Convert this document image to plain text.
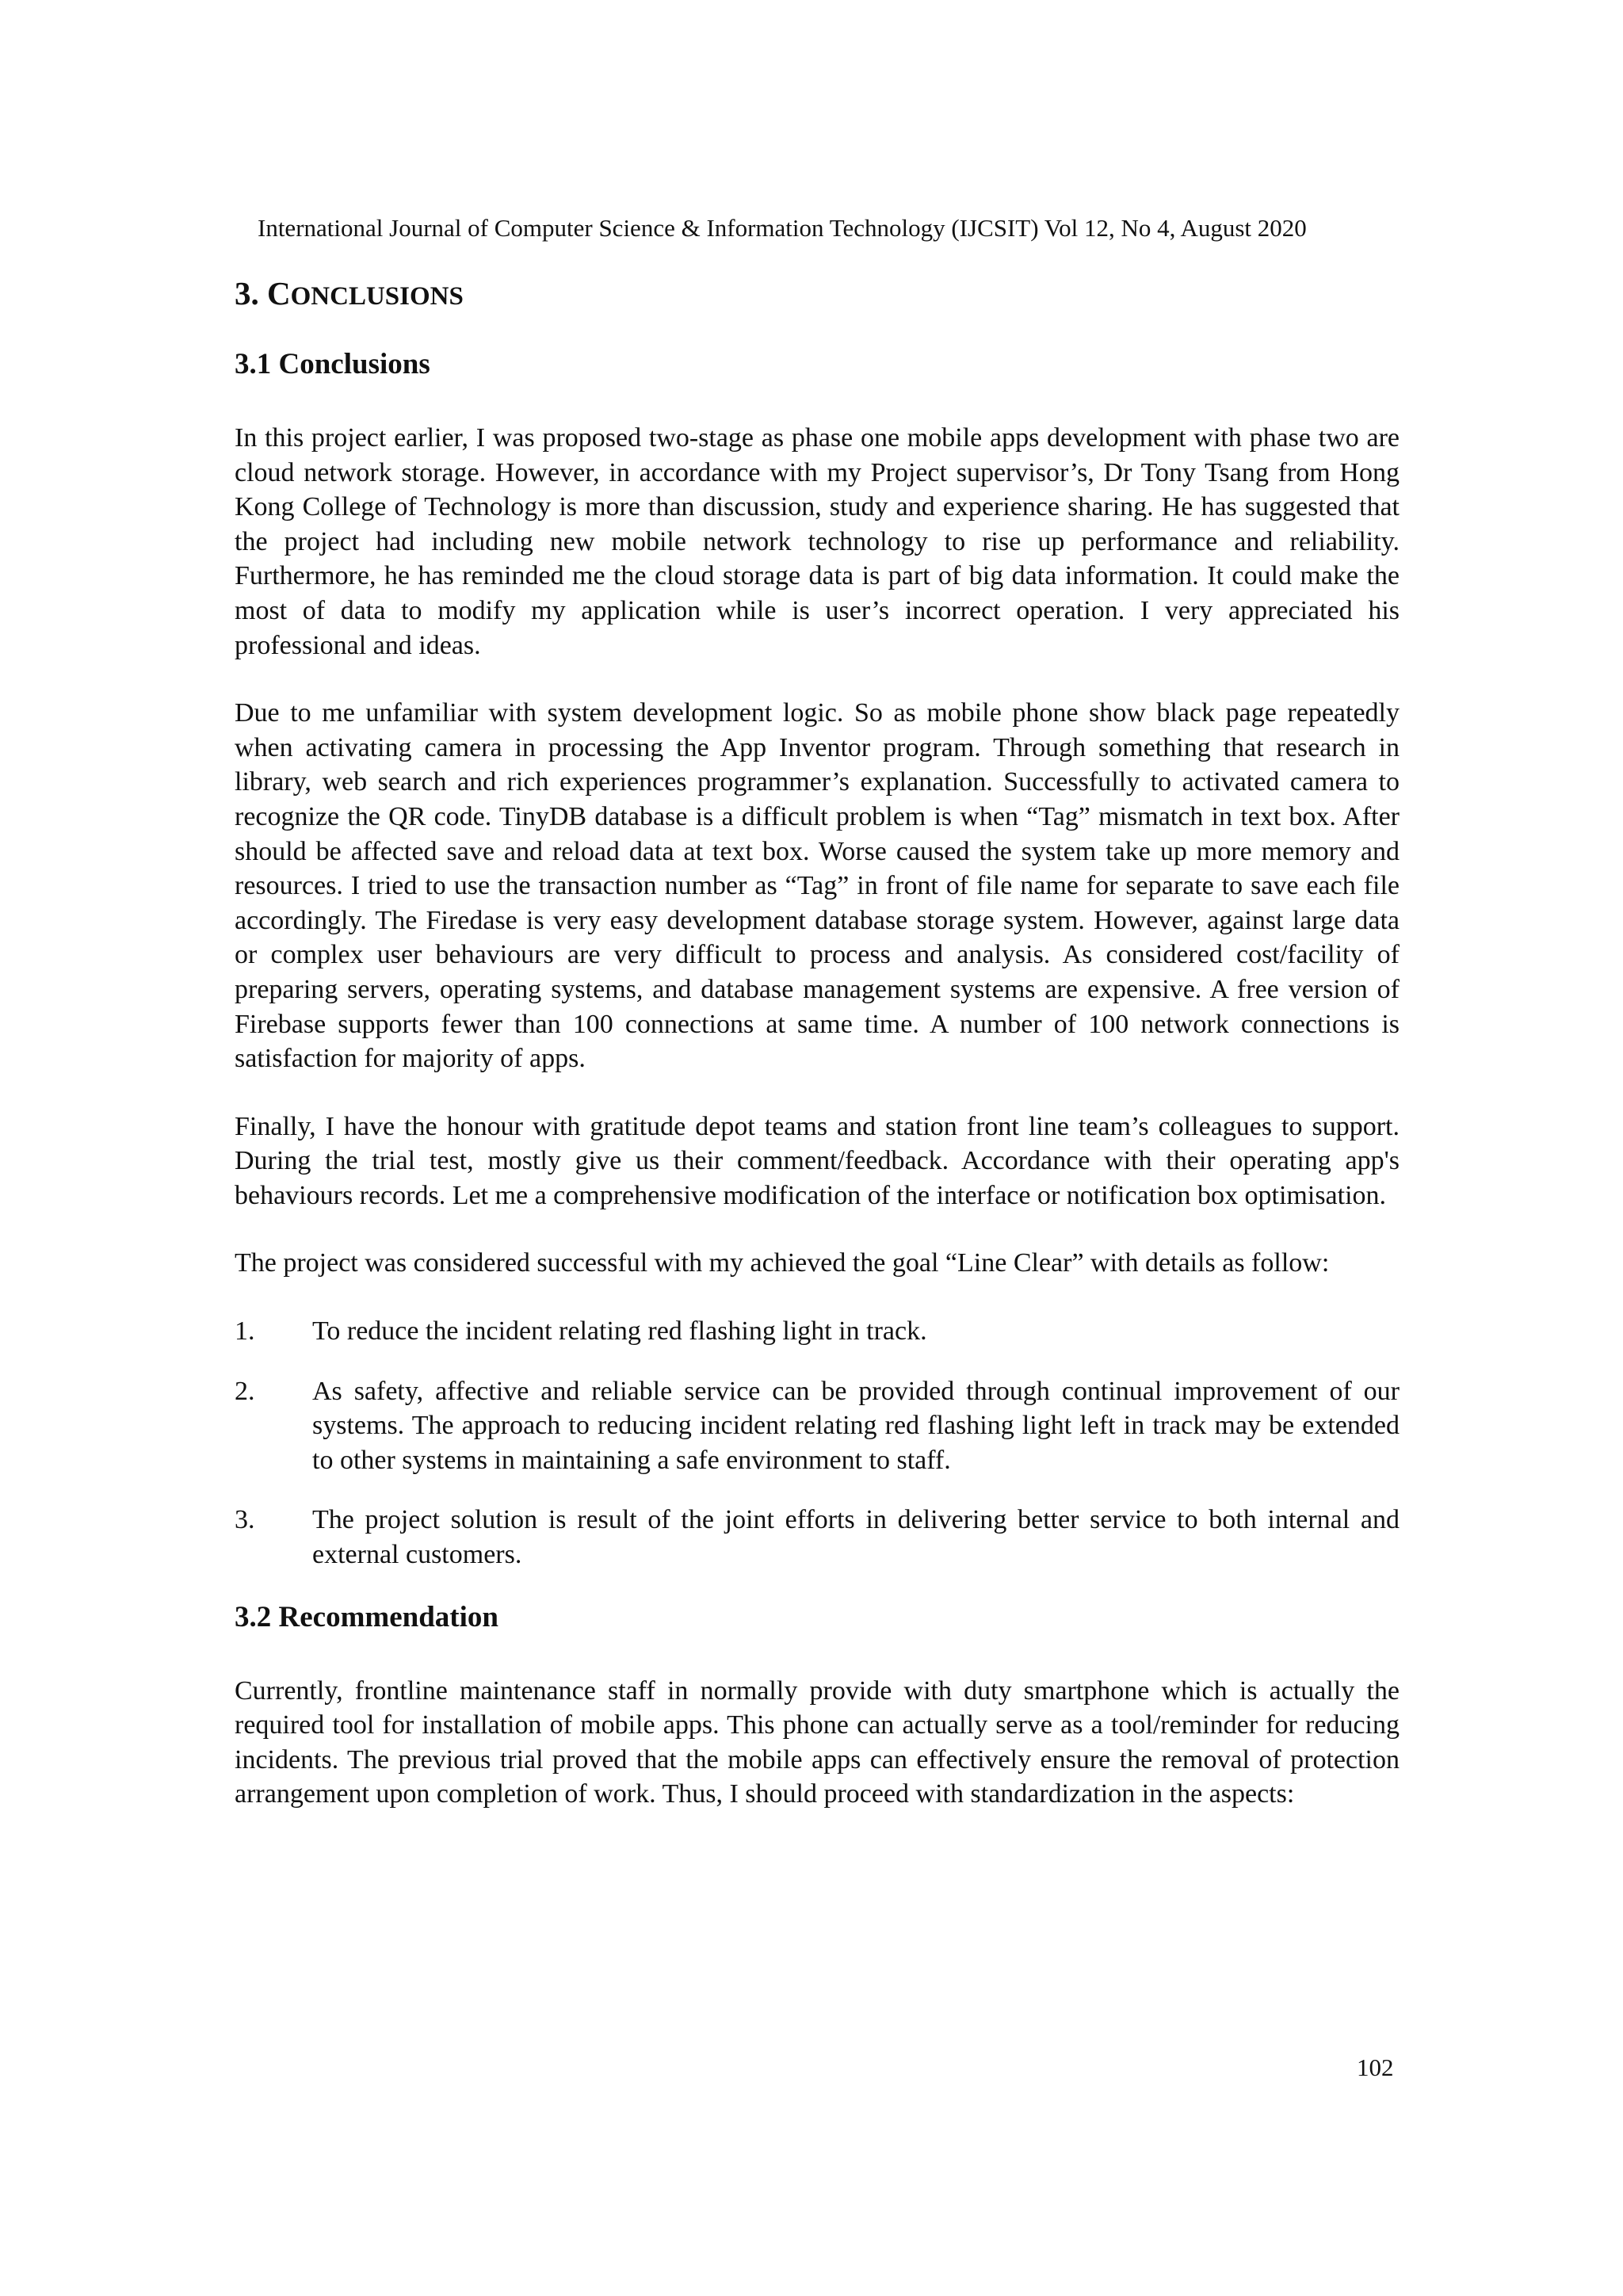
International Journal of Computer Science & Information Technology (IJCSIT) Vol 12, No 4, August 2020
3. CONCLUSIONS
3.1 Conclusions

In this project earlier, I was proposed two-stage as phase one mobile apps development with phase two are cloud network storage. However, in accordance with my Project supervisor’s, Dr Tony Tsang from Hong Kong College of Technology is more than discussion, study and experience sharing. He has suggested that the project had including new mobile network technology to rise up performance and reliability. Furthermore, he has reminded me the cloud storage data is part of big data information. It could make the most of data to modify my application while is user’s incorrect operation. I very appreciated his professional and ideas.

Due to me unfamiliar with system development logic. So as mobile phone show black page repeatedly when activating camera in processing the App Inventor program. Through something that research in library, web search and rich experiences programmer’s explanation. Successfully to activated camera to recognize the QR code. TinyDB database is a difficult problem is when “Tag” mismatch in text box. After should be affected save and reload data at text box. Worse caused the system take up more memory and resources. I tried to use the transaction number as “Tag” in front of file name for separate to save each file accordingly. The Firedase is very easy development database storage system. However, against large data or complex user behaviours are very difficult to process and analysis. As considered cost/facility of preparing servers, operating systems, and database management systems are expensive. A free version of Firebase supports fewer than 100 connections at same time. A number of 100 network connections is satisfaction for majority of apps.

Finally, I have the honour with gratitude depot teams and station front line team’s colleagues to support. During the trial test, mostly give us their comment/feedback. Accordance with their operating app's behaviours records. Let me a comprehensive modification of the interface or notification box optimisation.

The project was considered successful with my achieved the goal “Line Clear” with details as follow:

1.	To reduce the incident relating red flashing light in track.
2.	As safety, affective and reliable service can be provided through continual improvement of our systems. The approach to reducing incident relating red flashing light left in track may be extended to other systems in maintaining a safe environment to staff.
3.	The project solution is result of the joint efforts in delivering better service to both internal and external customers.
3.2 Recommendation

Currently, frontline maintenance staff in normally provide with duty smartphone which is actually the required tool for installation of mobile apps. This phone can actually serve as a tool/reminder for reducing incidents. The previous trial proved that the mobile apps can effectively ensure the removal of protection arrangement upon completion of work. Thus, I should proceed with standardization in the aspects:

102
